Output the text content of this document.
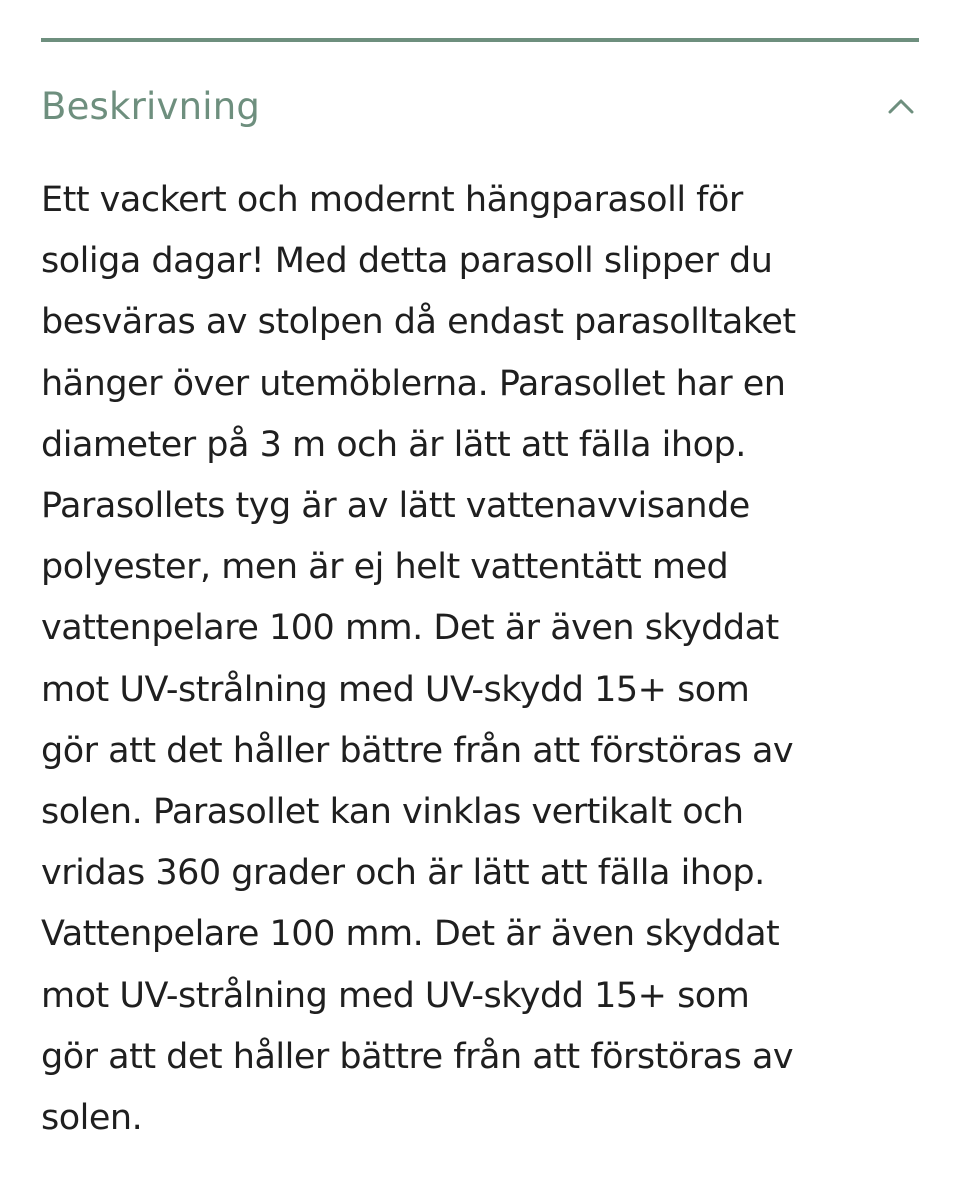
Beskrivning
Ett vackert och modernt hängparasoll för
soliga dagar! Med detta parasoll slipper du
besväras av stolpen då endast parasolltaket
hänger över utemöblerna. Parasollet har en
diameter på 3 m och är lätt att fälla ihop.
Parasollets tyg är av lätt vattenavvisande
polyester, men är ej helt vattentätt med
vattenpelare 100 mm. Det är även skyddat
mot UV-strålning med UV-skydd 15+ som
gör att det håller bättre från att förstöras av
solen. Parasollet kan vinklas vertikalt och
vridas 360 grader och är lätt att fälla ihop.
Vattenpelare 100 mm. Det är även skyddat
mot UV-strålning med UV-skydd 15+ som
gör att det håller bättre från att förstöras av
solen.
